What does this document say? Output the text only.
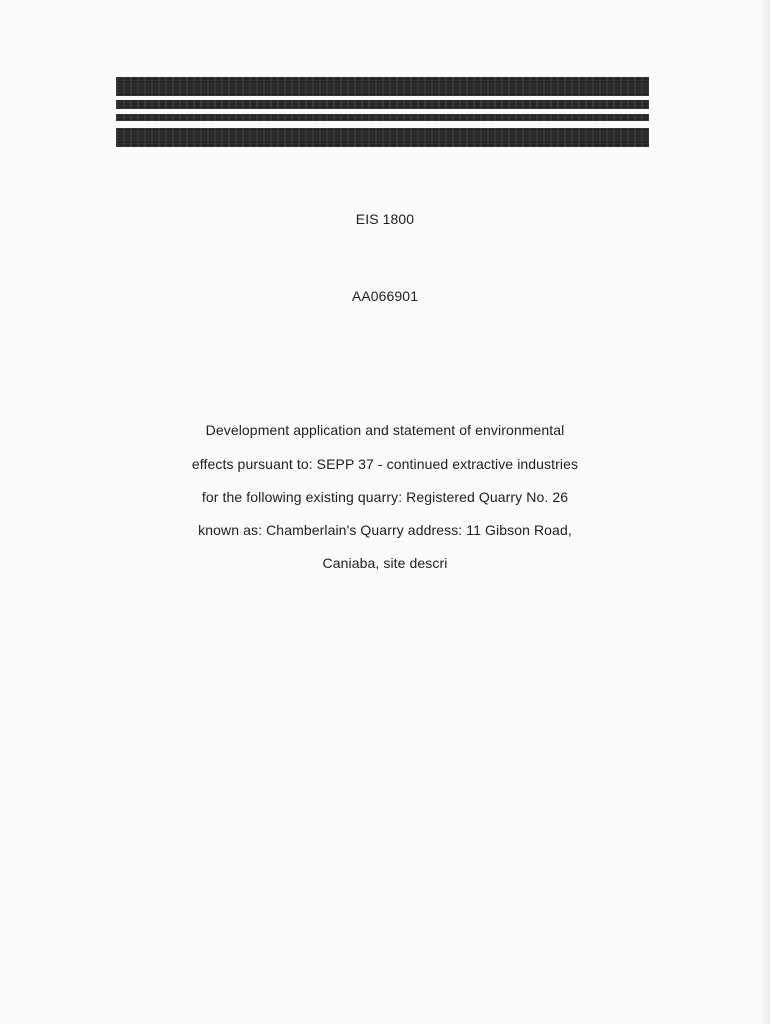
EIS 1800
AA066901
Development application and statement of environmental
effects pursuant to: SEPP 37 - continued extractive industries
for the following existing quarry: Registered Quarry No. 26
known as: Chamberlain's Quarry address: 11 Gibson Road,
Caniaba, site descri
